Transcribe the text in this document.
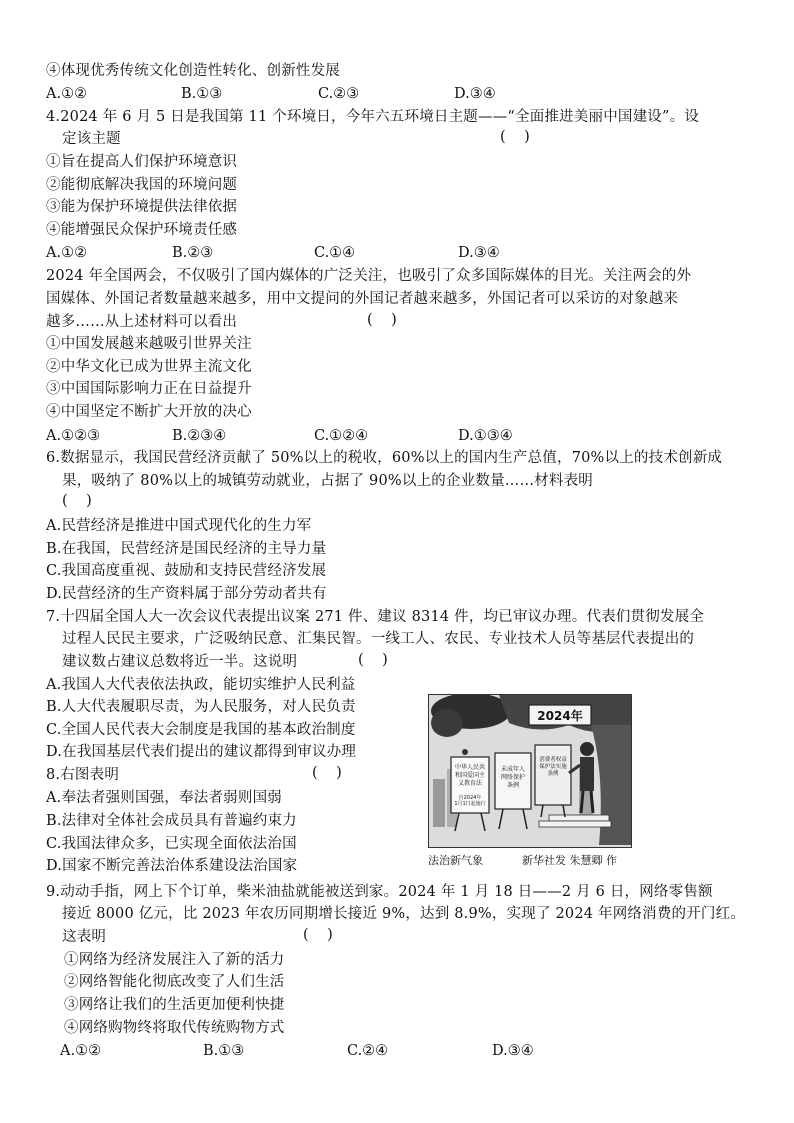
④体现优秀传统文化创造性转化、创新性发展
A.①②	B.①③	C.②③	D.③④
4.2024 年 6 月 5 日是我国第 11 个环境日，今年六五环境日主题——“全面推进美丽中国建设”。设
定该主题	(    )
①旨在提高人们保护环境意识
②能彻底解决我国的环境问题
③能为保护环境提供法律依据
④能增强民众保护环境责任感
A.①②	B.②③	C.①④	D.③④
2024 年全国两会，不仅吸引了国内媒体的广泛关注，也吸引了众多国际媒体的目光。关注两会的外
国媒体、外国记者数量越来越多，用中文提问的外国记者越来越多，外国记者可以采访的对象越来
越多……从上述材料可以看出	(    )
①中国发展越来越吸引世界关注
②中华文化已成为世界主流文化
③中国国际影响力正在日益提升
④中国坚定不断扩大开放的决心
A.①②③	B.②③④	C.①②④	D.①③④
6.数据显示，我国民营经济贡献了 50%以上的税收，60%以上的国内生产总值，70%以上的技术创新成
果，吸纳了 80%以上的城镇劳动就业，占据了 90%以上的企业数量……材料表明
(    )
A.民营经济是推进中国式现代化的生力军
B.在我国，民营经济是国民经济的主导力量
C.我国高度重视、鼓励和支持民营经济发展
D.民营经济的生产资料属于部分劳动者共有
7.十四届全国人大一次会议代表提出议案 271 件、建议 8314 件，均已审议办理。代表们贯彻发展全
过程人民民主要求，广泛吸纳民意、汇集民智。一线工人、农民、专业技术人员等基层代表提出的
建议数占建议总数将近一半。这说明	(    )
A.我国人大代表依法执政，能切实维护人民利益
B.人大代表履职尽责，为人民服务，对人民负责
C.全国人民代表大会制度是我国的基本政治制度
D.在我国基层代表们提出的建议都得到审议办理
8.右图表明	(    )
A.奉法者强则国强，奉法者弱则国弱
B.法律对全体社会成员具有普遍约束力
C.我国法律众多，已实现全面依法治国
D.国家不断完善法治体系建设法治国家
2024年
中华人民共和国爱国主义教育法
自2024年 1月1日起施行
未成年人网络保护条例
消费者权益保护法实施条例
法治新气象	新华社发 朱慧卿 作
9.动动手指，网上下个订单，柴米油盐就能被送到家。2024 年 1 月 18 日——2 月 6 日，网络零售额
接近 8000 亿元，比 2023 年农历同期增长接近 9%，达到 8.9%，实现了 2024 年网络消费的开门红。
这表明	(    )
①网络为经济发展注入了新的活力
②网络智能化彻底改变了人们生活
③网络让我们的生活更加便利快捷
④网络购物终将取代传统购物方式
A.①②	B.①③	C.②④	D.③④
